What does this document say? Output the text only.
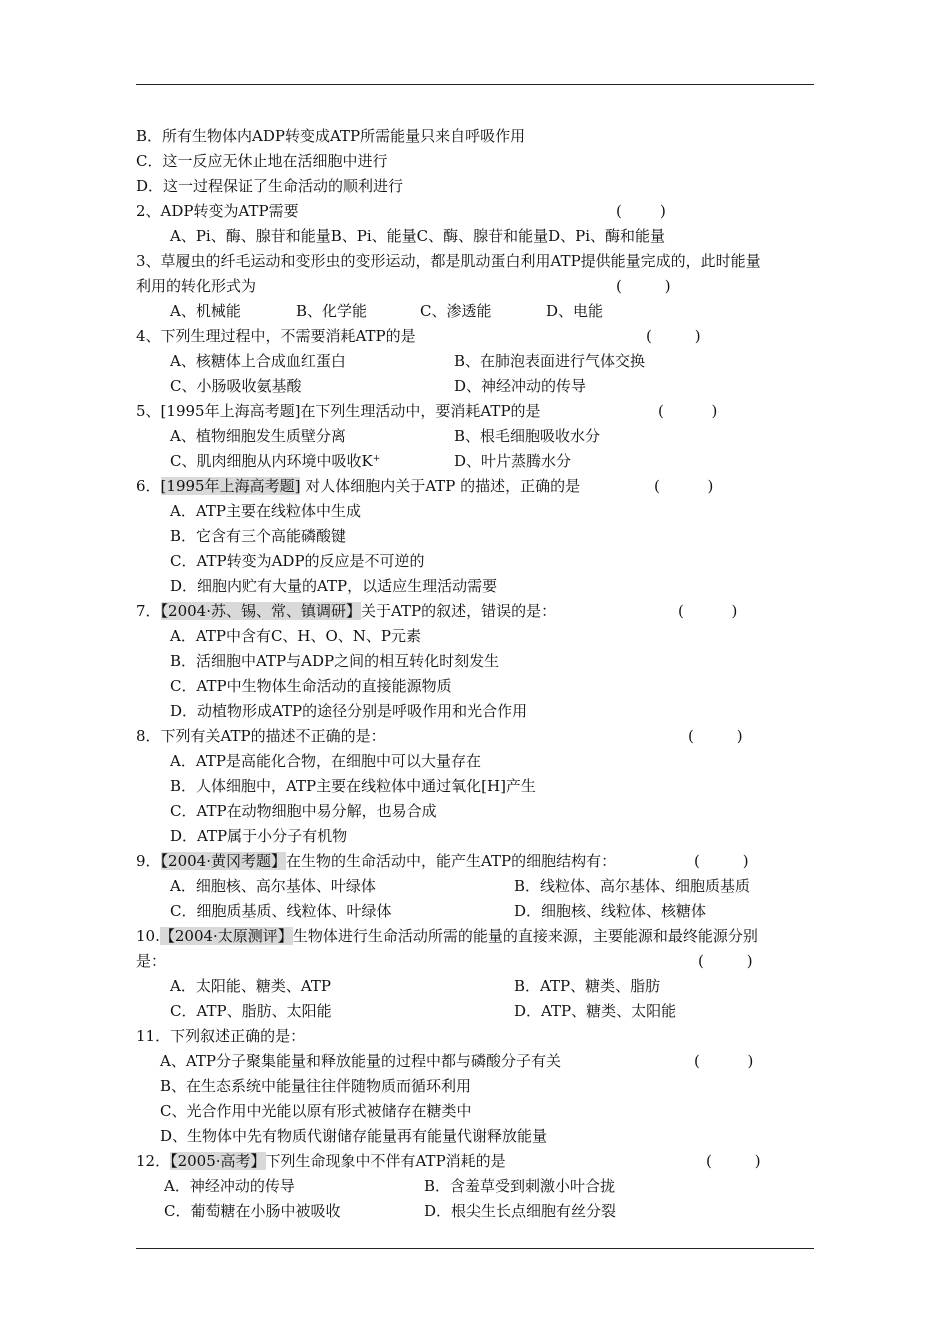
B．所有生物体内ADP转变成ATP所需能量只来自呼吸作用
C．这一反应无休止地在活细胞中进行
D．这一过程保证了生命活动的顺利进行

2、ADP转变为ATP需要

	(        )

A、Pi、酶、腺苷和能量B、Pi、能量C、酶、腺苷和能量D、Pi、酶和能量
3、草履虫的纤毛运动和变形虫的变形运动，都是肌动蛋白利用ATP提供能量完成的，此时能量

利用的转化形式为

	(         )

A、机械能

	B、化学能

	C、渗透能

	D、电能

4、下列生理过程中，不需要消耗ATP的是

	(         )

A、核糖体上合成血红蛋白

	B、在肺泡表面进行气体交换

C、小肠吸收氨基酸

	D、神经冲动的传导

5、[1995年上海高考题]在下列生理活动中，要消耗ATP的是

	(          )

A、植物细胞发生质壁分离

	B、根毛细胞吸收水分

C、肌肉细胞从内环境中吸收K+

	D、叶片蒸腾水分

6．[1995年上海高考题] 对人体细胞内关于ATP 的描述，正确的是

	(          )

A．ATP主要在线粒体中生成
B．它含有三个高能磷酸键
C．ATP转变为ADP的反应是不可逆的
D．细胞内贮有大量的ATP，以适应生理活动需要

7．【2004·苏、锡、常、镇调研】关于ATP的叙述，错误的是：

	(          )

A．ATP中含有C、H、O、N、P元素
B．活细胞中ATP与ADP之间的相互转化时刻发生
C．ATP中生物体生命活动的直接能源物质
D．动植物形成ATP的途径分别是呼吸作用和光合作用

8．下列有关ATP的描述不正确的是：

	(         )

A．ATP是高能化合物，在细胞中可以大量存在
B．人体细胞中，ATP主要在线粒体中通过氧化[H]产生
C．ATP在动物细胞中易分解，也易合成
D．ATP属于小分子有机物

9．【2004·黄冈考题】在生物的生命活动中，能产生ATP的细胞结构有：

	(         )

A．细胞核、高尔基体、叶绿体

	B．线粒体、高尔基体、细胞质基质

C．细胞质基质、线粒体、叶绿体

	D．细胞核、线粒体、核糖体

10.【2004·太原测评】生物体进行生命活动所需的能量的直接来源，主要能源和最终能源分别

是：

	(         )

A．太阳能、糖类、ATP

	B．ATP、糖类、脂肪

C．ATP、脂肪、太阳能

	D．ATP、糖类、太阳能

11．下列叙述正确的是：

A、ATP分子聚集能量和释放能量的过程中都与磷酸分子有关

	(          )

B、在生态系统中能量往往伴随物质而循环利用
C、光合作用中光能以原有形式被储存在糖类中
D、生物体中先有物质代谢储存能量再有能量代谢释放能量

12．【2005·高考】下列生命现象中不伴有ATP消耗的是

	(         )

A．神经冲动的传导

	B．含羞草受到刺激小叶合拢

C．葡萄糖在小肠中被吸收

	D．根尖生长点细胞有丝分裂
